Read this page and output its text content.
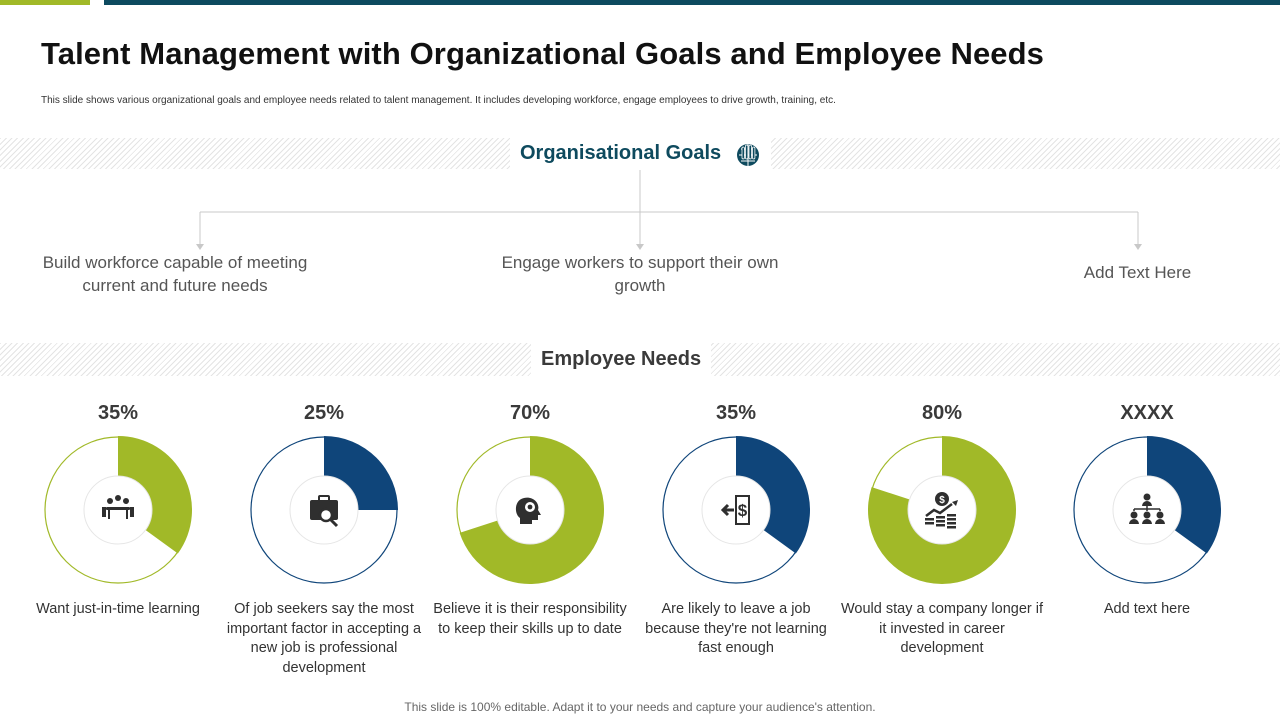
Talent Management with Organizational Goals and Employee Needs
This slide shows various organizational goals and employee needs related to talent management. It includes developing workforce, engage employees to drive growth, training, etc.
Organisational Goals
Build workforce capable of meeting current and future needs
Engage workers to support their own growth
Add Text Here
Employee Needs
35%
Want just-in-time learning
25%
Of job seekers say the most important factor in accepting a new job is professional development
70%
Believe it is their responsibility to keep their skills up to date
35%
$
Are likely to leave a job because they're not learning fast enough
80%
$
Would stay a company longer if it invested in career development
XXXX
Add text here
This slide is 100% editable. Adapt it to your needs and capture your audience's attention.
